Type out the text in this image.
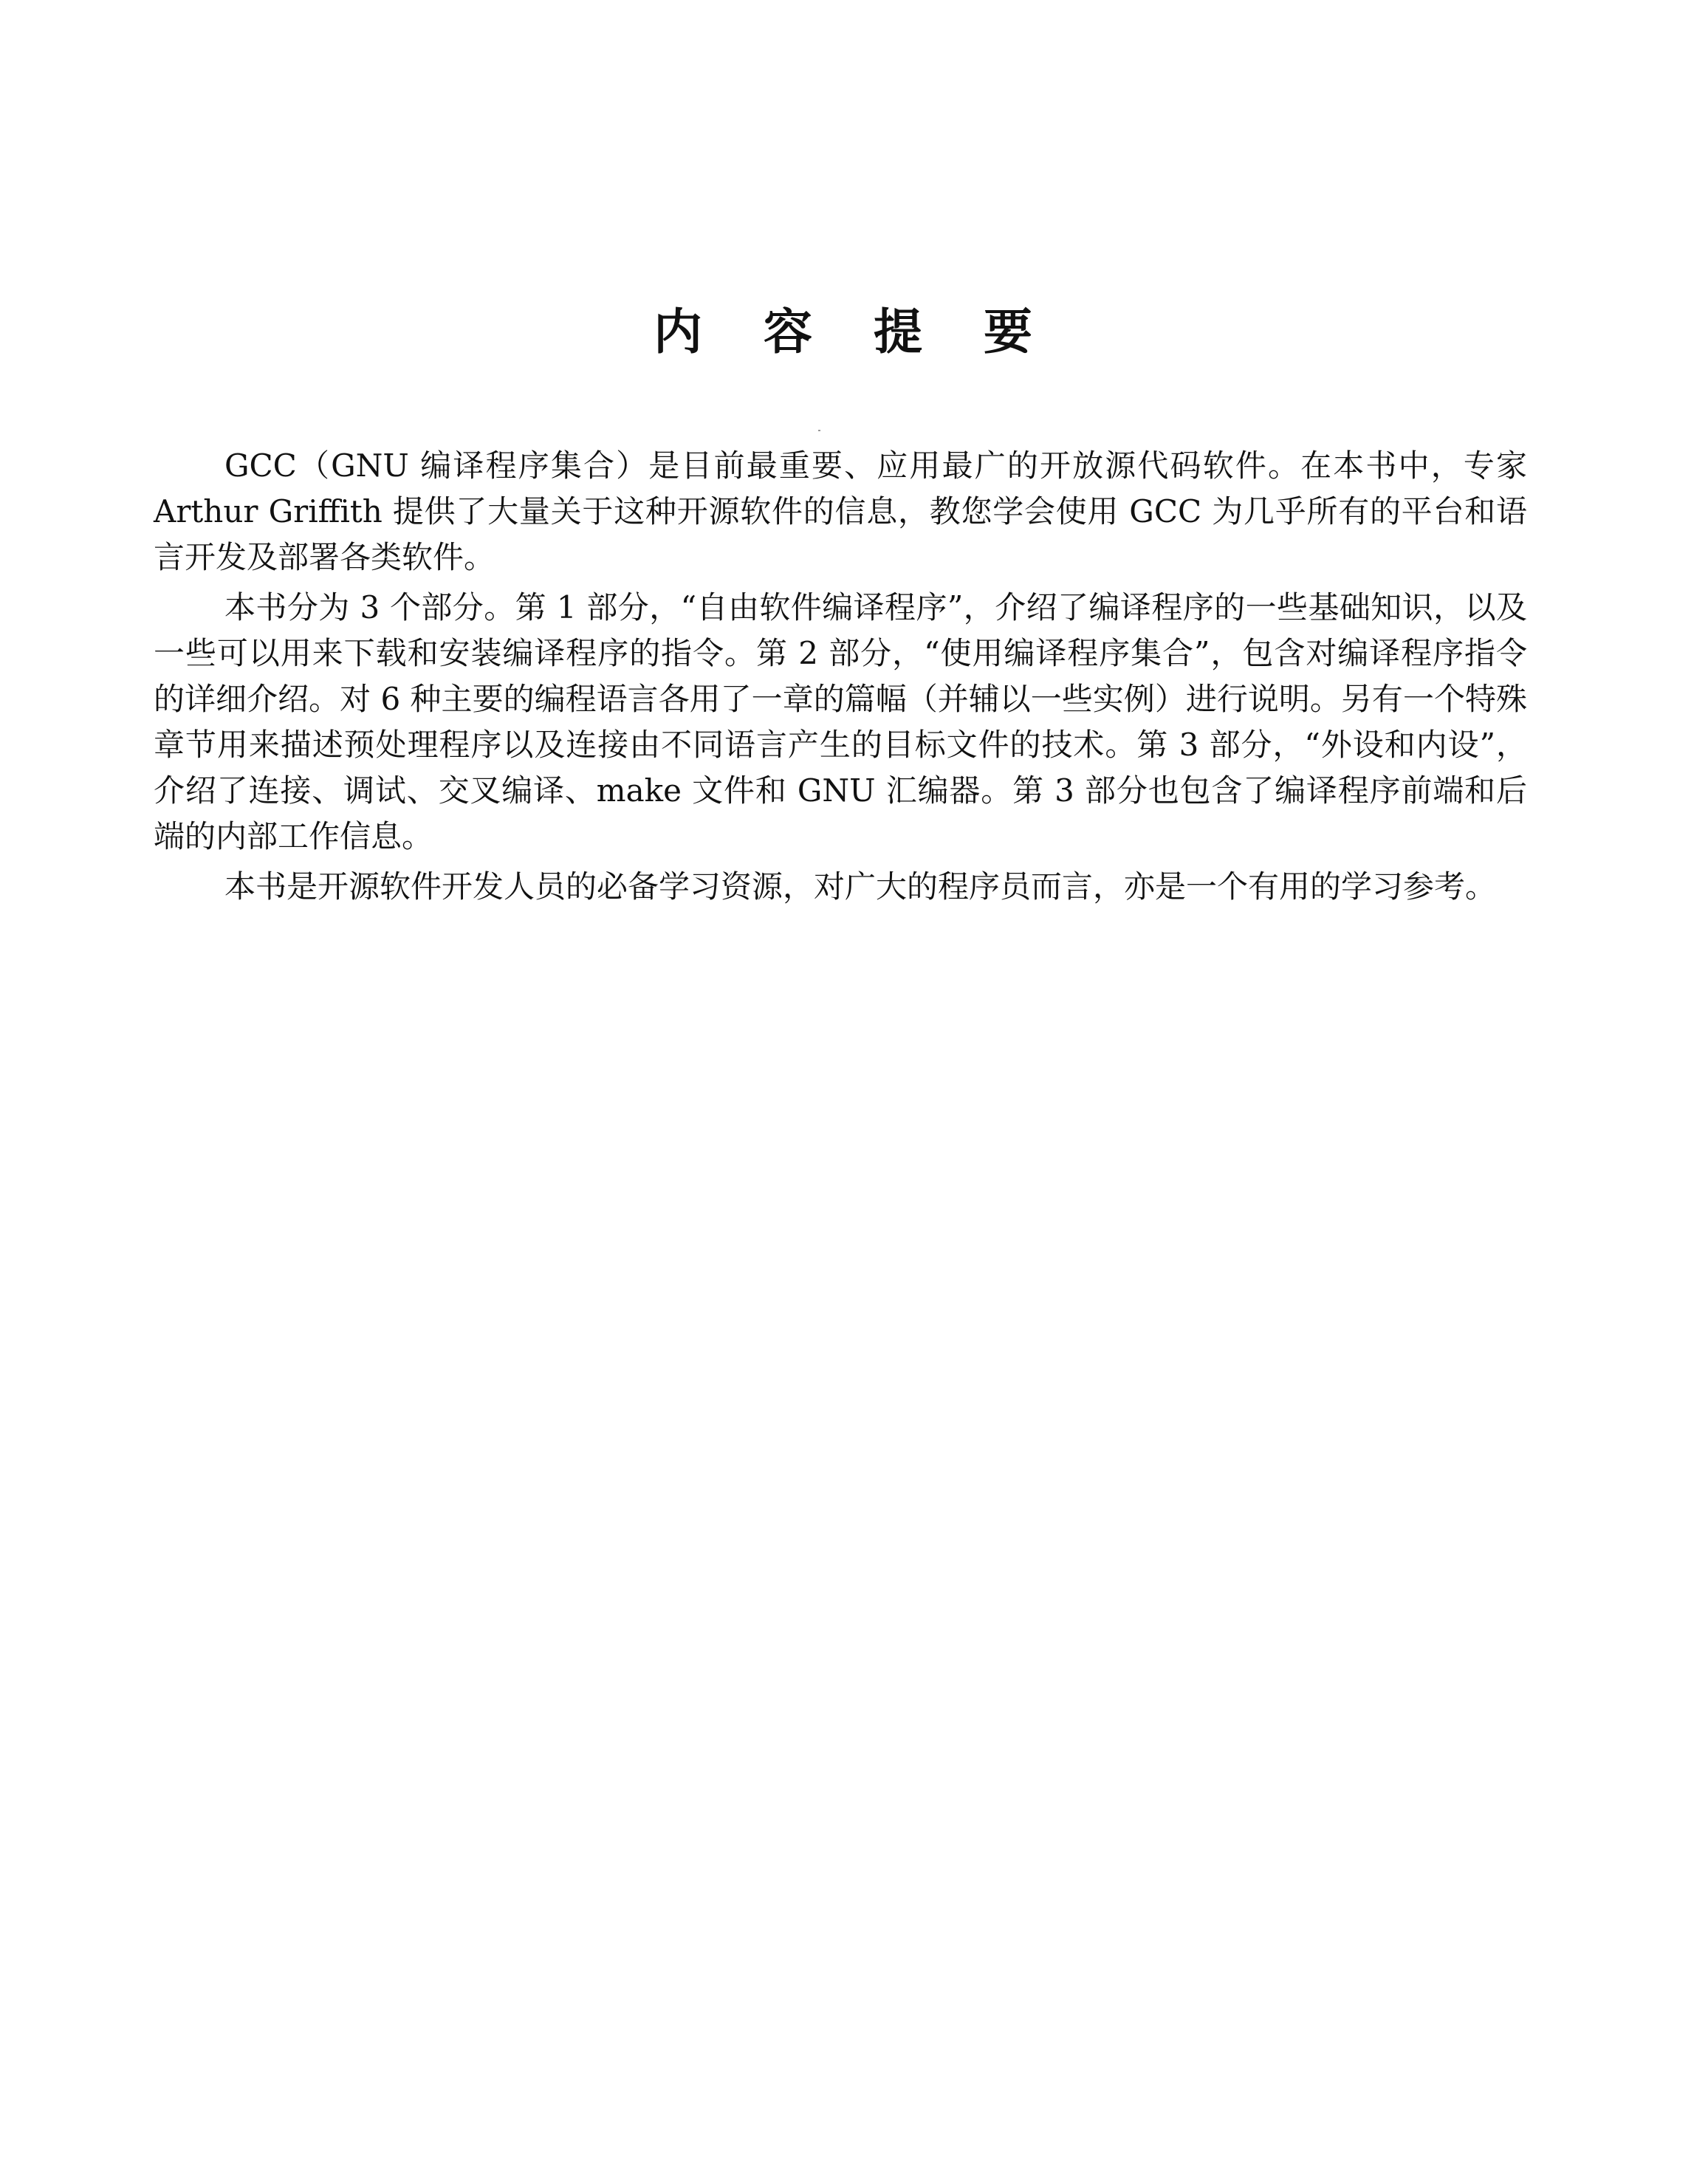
内 容 提 要

GCC（GNU 编译程序集合）是目前最重要、应用最广的开放源代码软件。在本书中，专家 Arthur Griffith 提供了大量关于这种开源软件的信息，教您学会使用 GCC 为几乎所有的平台和语言开发及部署各类软件。

本书分为 3 个部分。第 1 部分，“自由软件编译程序”，介绍了编译程序的一些基础知识，以及一些可以用来下载和安装编译程序的指令。第 2 部分，“使用编译程序集合”，包含对编译程序指令的详细介绍。对 6 种主要的编程语言各用了一章的篇幅（并辅以一些实例）进行说明。另有一个特殊章节用来描述预处理程序以及连接由不同语言产生的目标文件的技术。第 3 部分，“外设和内设”，介绍了连接、调试、交叉编译、make 文件和 GNU 汇编器。第 3 部分也包含了编译程序前端和后端的内部工作信息。

本书是开源软件开发人员的必备学习资源，对广大的程序员而言，亦是一个有用的学习参考。
